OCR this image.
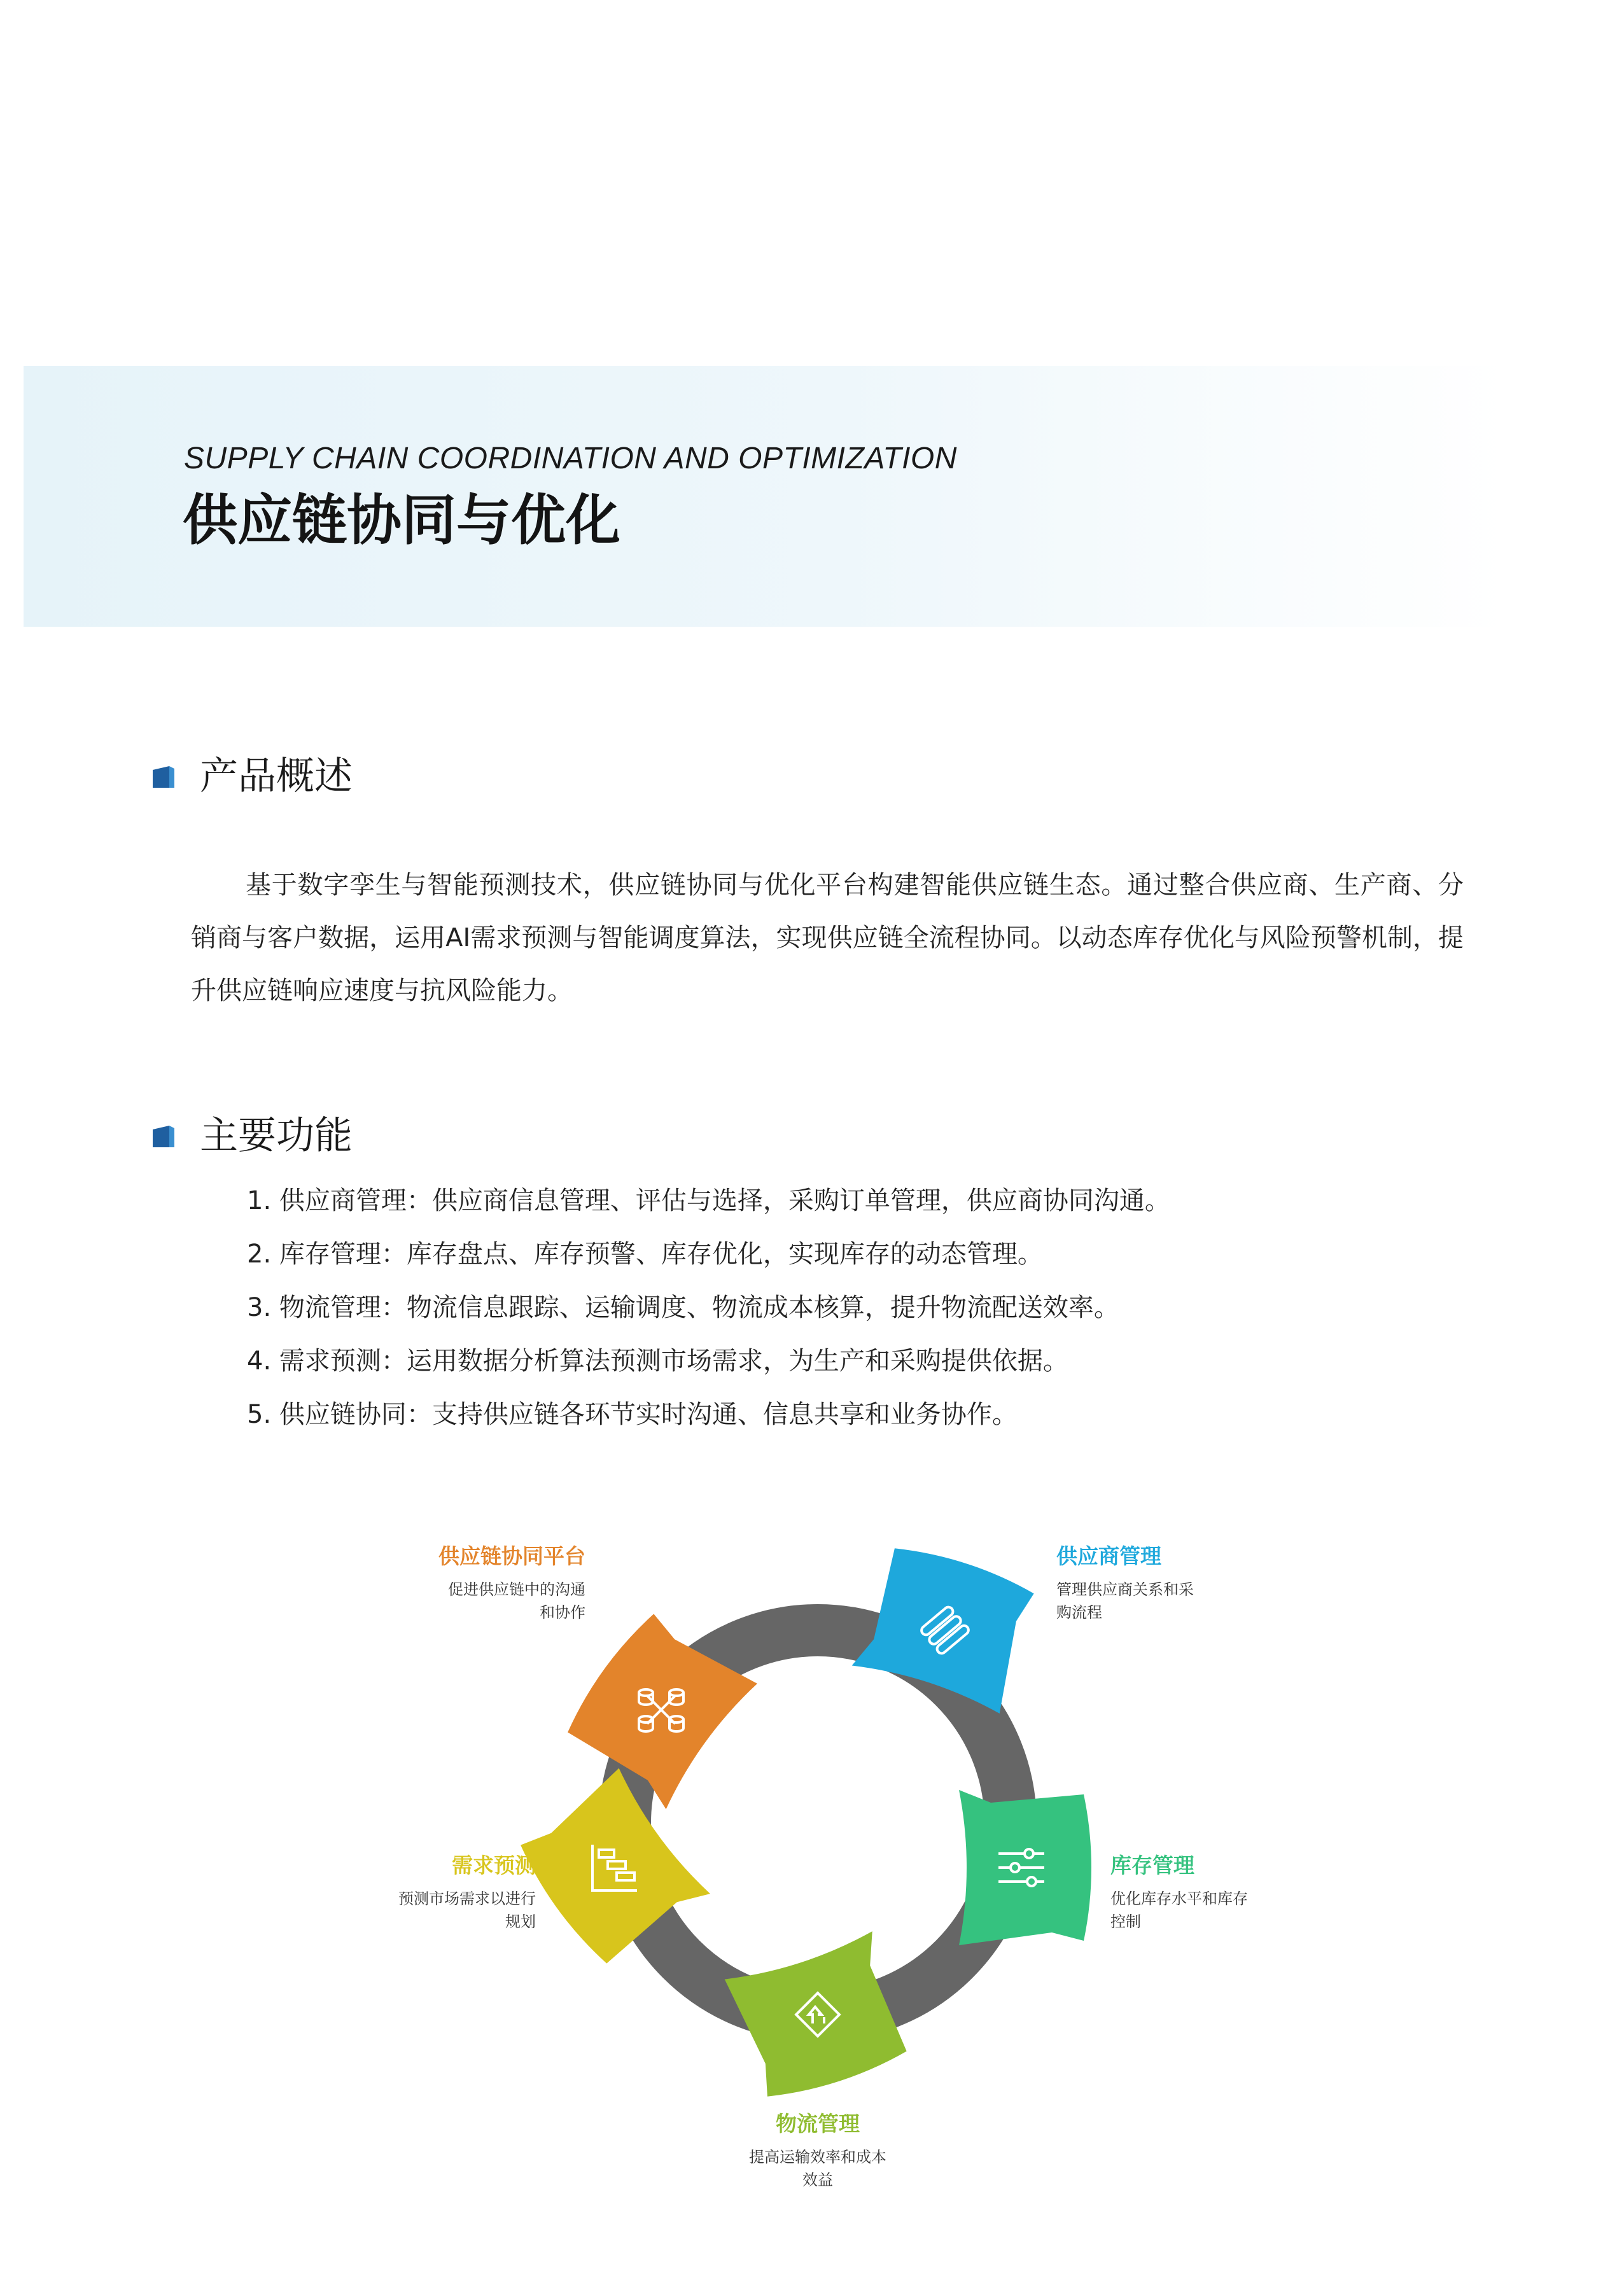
SUPPLY CHAIN COORDINATION AND OPTIMIZATION

供应链协同与优化
产品概述

基于数字孪生与智能预测技术，供应链协同与优化平台构建智能供应链生态。通过整合供应商、生产商、分销商与客户数据，运用AI需求预测与智能调度算法，实现供应链全流程协同。以动态库存优化与风险预警机制，提升供应链响应速度与抗风险能力。

主要功能
1. 供应商管理：供应商信息管理、评估与选择，采购订单管理，供应商协同沟通。
2. 库存管理：库存盘点、库存预警、库存优化，实现库存的动态管理。
3. 物流管理：物流信息跟踪、运输调度、物流成本核算，提升物流配送效率。
4. 需求预测：运用数据分析算法预测市场需求，为生产和采购提供依据。
5. 供应链协同：支持供应链各环节实时沟通、信息共享和业务协作。

供应链协同平台

促进供应链中的沟通
和协作

供应商管理

管理供应商关系和采
购流程

库存管理

优化库存水平和库存
控制

物流管理

提高运输效率和成本
效益

需求预测

预测市场需求以进行
规划
